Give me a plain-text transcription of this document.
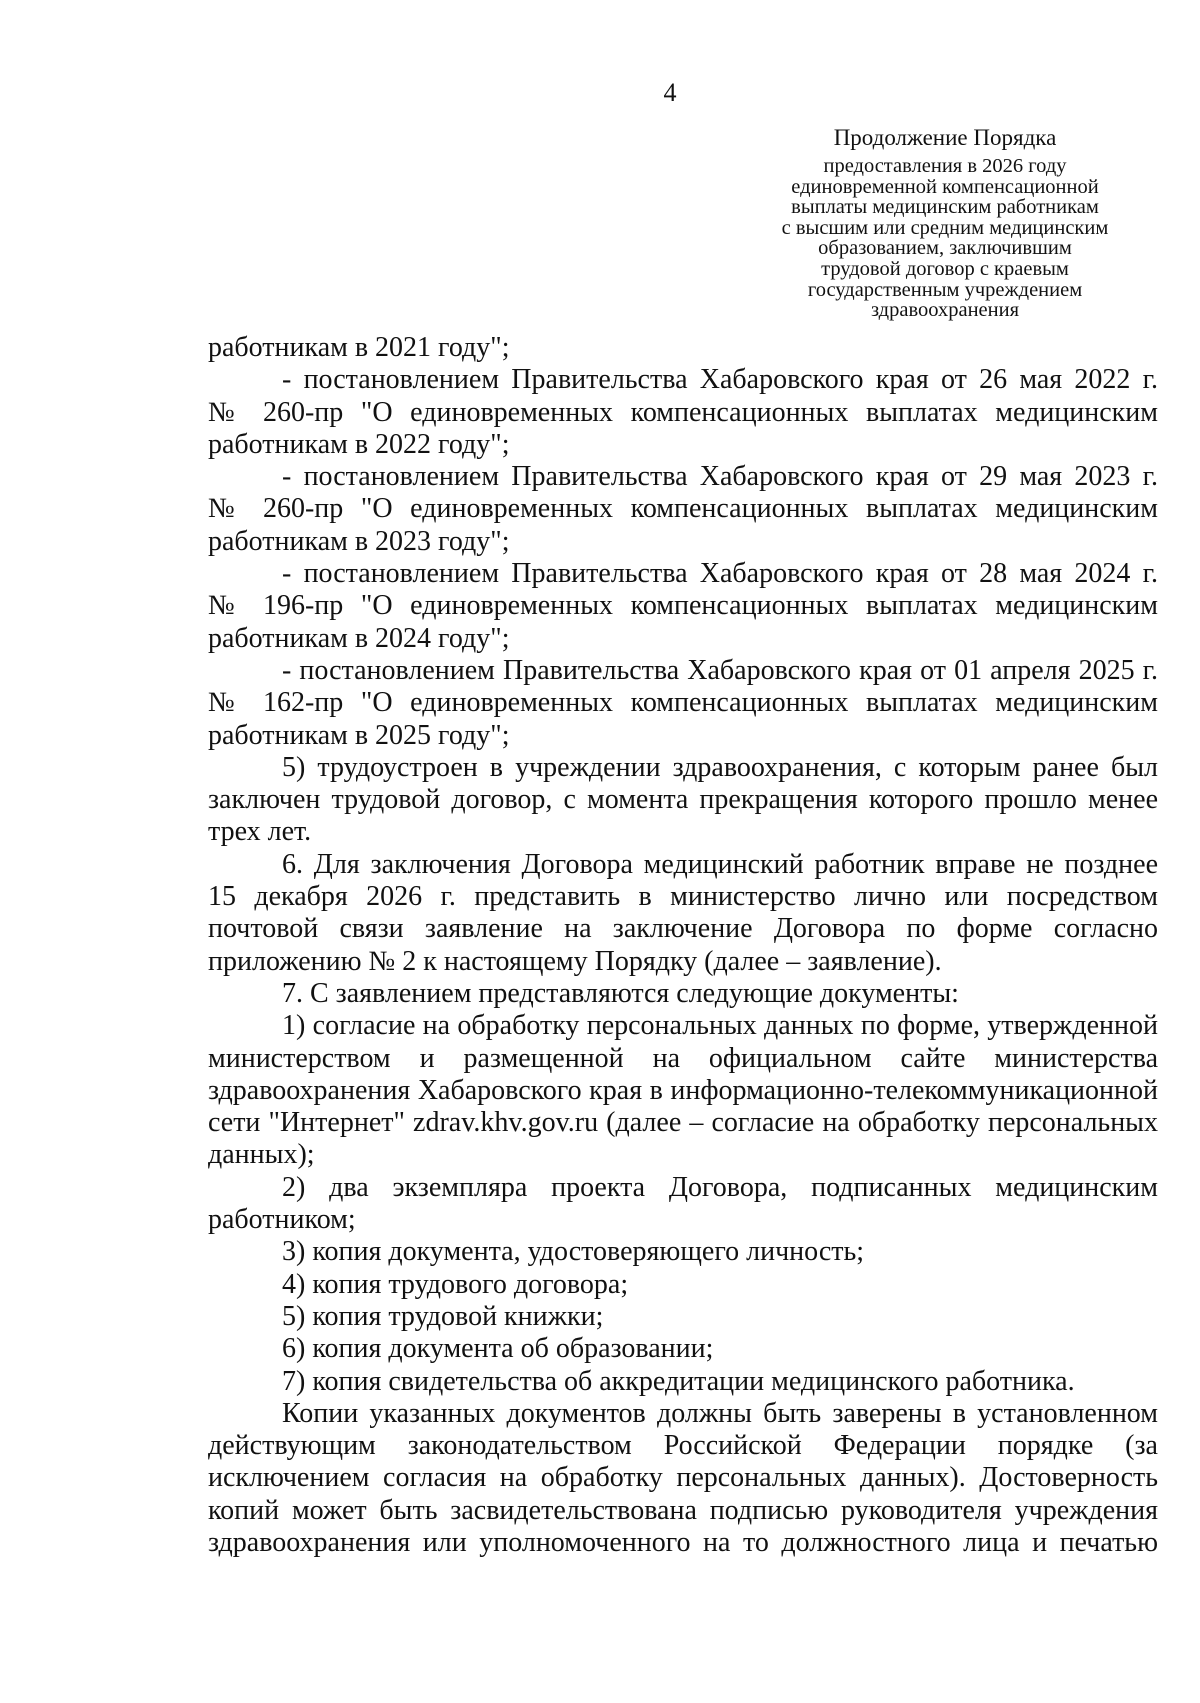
4
Продолжение Порядка
предоставления в 2026 году
единовременной компенсационной
выплаты медицинским работникам
с высшим или средним медицинским
образованием, заключившим
трудовой договор с краевым
государственным учреждением
здравоохранения
работникам в 2021 году";
- постановлением Правительства Хабаровского края от 26 мая 2022 г.
№ 260-пр "О единовременных компенсационных выплатах медицинским
работникам в 2022 году";
- постановлением Правительства Хабаровского края от 29 мая 2023 г.
№ 260-пр "О единовременных компенсационных выплатах медицинским
работникам в 2023 году";
- постановлением Правительства Хабаровского края от 28 мая 2024 г.
№ 196-пр "О единовременных компенсационных выплатах медицинским
работникам в 2024 году";
- постановлением Правительства Хабаровского края от 01 апреля 2025 г.
№ 162-пр "О единовременных компенсационных выплатах медицинским
работникам в 2025 году";
5) трудоустроен в учреждении здравоохранения, с которым ранее был
заключен трудовой договор, с момента прекращения которого прошло менее
трех лет.
6. Для заключения Договора медицинский работник вправе не позднее
15 декабря 2026 г. представить в министерство лично или посредством
почтовой связи заявление на заключение Договора по форме согласно
приложению № 2 к настоящему Порядку (далее – заявление).
7. С заявлением представляются следующие документы:
1) согласие на обработку персональных данных по форме, утвержденной
министерством и размещенной на официальном сайте министерства
здравоохранения Хабаровского края в информационно-телекоммуникационной
сети "Интернет" zdrav.khv.gov.ru (далее – согласие на обработку персональных
данных);
2) два экземпляра проекта Договора, подписанных медицинским
работником;
3) копия документа, удостоверяющего личность;
4) копия трудового договора;
5) копия трудовой книжки;
6) копия документа об образовании;
7) копия свидетельства об аккредитации медицинского работника.
Копии указанных документов должны быть заверены в установленном
действующим законодательством Российской Федерации порядке (за
исключением согласия на обработку персональных данных). Достоверность
копий может быть засвидетельствована подписью руководителя учреждения
здравоохранения или уполномоченного на то должностного лица и печатью
